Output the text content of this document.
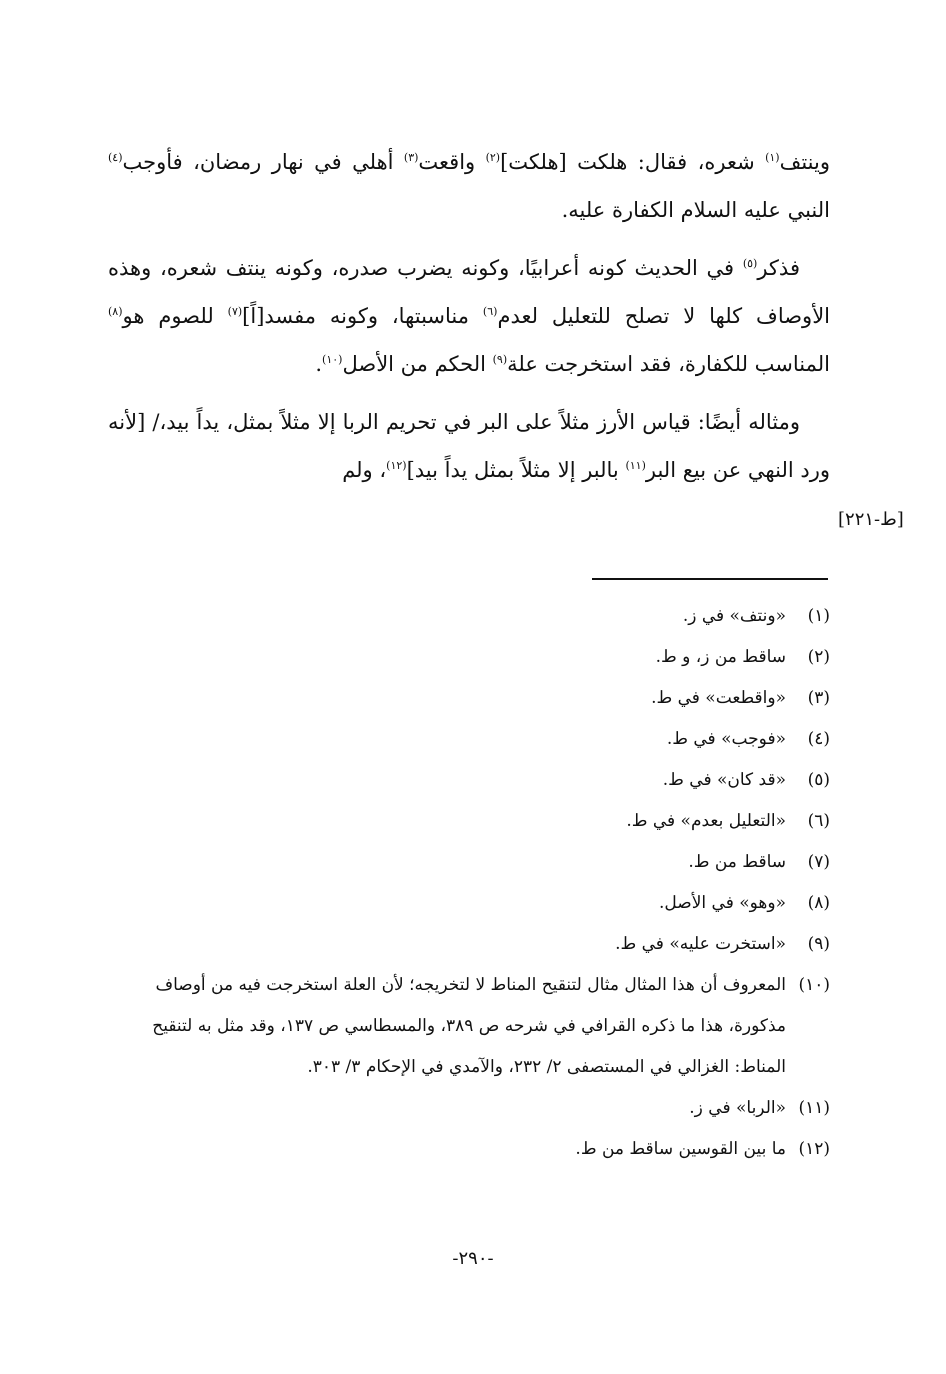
وينتف$^{(١)}$ شعره، فقال: هلكت [هلكت]$^{(٢)}$ واقعت$^{(٣)}$ أهلي في نهار رمضان، فأوجب$^{(٤)}$ النبي عليه السلام الكفارة عليه.

فذكر$^{(٥)}$ في الحديث كونه أعرابيًا، وكونه يضرب صدره، وكونه ينتف شعره، وهذه الأوصاف كلها لا تصلح للتعليل لعدم$^{(٦)}$ مناسبتها، وكونه مفسد[اً]$^{(٧)}$ للصوم هو$^{(٨)}$ المناسب للكفارة، فقد استخرجت علة$^{(٩)}$ الحكم من الأصل$^{(١٠)}$.

ومثاله أيضًا: قياس الأرز مثلاً على البر في تحريم الربا إلا مثلاً بمثل، يداً بيد،/ [لأنه ورد النهي عن بيع البر$^{(١١)}$ بالبر إلا مثلاً بمثل يداً بيد]$^{(١٢)}$، ولم

[ط-٢٢١]

(١)«ونتف» في ز.

(٢)ساقط من ز، و ط.

(٣)«واقطعت» في ط.

(٤)«فوجب» في ط.

(٥)«قد كان» في ط.

(٦)«التعليل بعدم» في ط.

(٧)ساقط من ط.

(٨)«وهو» في الأصل.

(٩)«استخرت عليه» في ط.

(١٠)المعروف أن هذا المثال مثال لتنقيح المناط لا لتخريجه؛ لأن العلة استخرجت فيه من أوصاف مذكورة، هذا ما ذكره القرافي في شرحه ص ٣٨٩، والمسطاسي ص ١٣٧، وقد مثل به لتنقيح المناط: الغزالي في المستصفى ٢/ ٢٣٢، والآمدي في الإحكام ٣/ ٣٠٣.

(١١)«الربا» في ز.

(١٢)ما بين القوسين ساقط من ط.

-٢٩٠-
